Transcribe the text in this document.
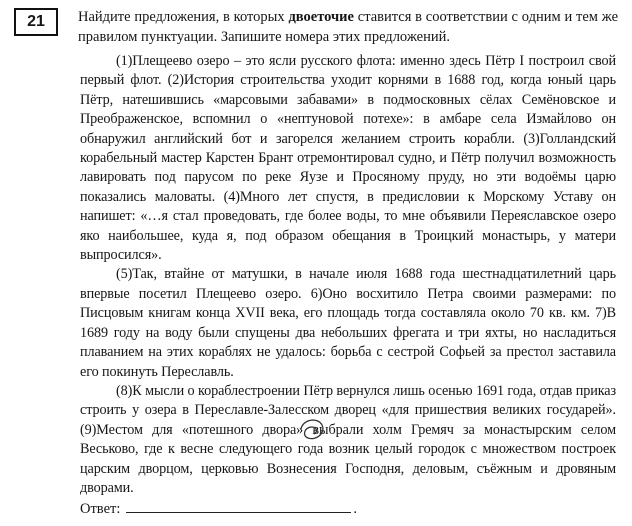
21 Найдите предложения, в которых двоеточие ставится в соответствии с одним и тем же правилом пунктуации. Запишите номера этих предложений.

(1)Плещеево озеро – это ясли русского флота: именно здесь Пётр I построил свой первый флот. (2)История строительства уходит корнями в 1688 год, когда юный царь Пётр, натешившись «марсовыми забавами» в подмосковных сёлах Семёновское и Преображенское, вспомнил о «нептуновой потехе»: в амбаре села Измайлово он обнаружил английский бот и загорелся желанием строить корабли. (3)Голландский корабельный мастер Карстен Брант отремонтировал судно, и Пётр получил возможность лавировать под парусом по реке Яузе и Просяному пруду, но эти водоёмы царю показались маловаты. (4)Много лет спустя, в предисловии к Морскому Уставу он напишет: «…я стал проведовать, где более воды, то мне объявили Переяславское озеро яко наибольшее, куда я, под образом обещания в Троицкий монастырь, у матери выпросился».

(5)Так, втайне от матушки, в начале июля 1688 года шестнадцатилетний царь впервые посетил Плещеево озеро. 6)Оно восхитило Петра своими размерами: по Писцовым книгам конца XVII века, его площадь тогда составляла около 70 кв. км. 7)В 1689 году на воду были спущены два небольших фрегата и три яхты, но насладиться плаванием на этих кораблях не удалось: борьба с сестрой Софьей за престол заставила его покинуть Переславль.

(8)К мысли о кораблестроении Пётр вернулся лишь осенью 1691 года, отдав приказ строить у озера в Переславле-Залесском дворец «для пришествия великих государей». (9)Местом для «потешного двора» выбрали холм Гремяч за монастырским селом Веськово, где к весне следующего года возник целый городок с множеством построек царским дворцом, церковью Вознесения Господня, деловым, съёжным и дровяным дворами.

Ответ:	.
